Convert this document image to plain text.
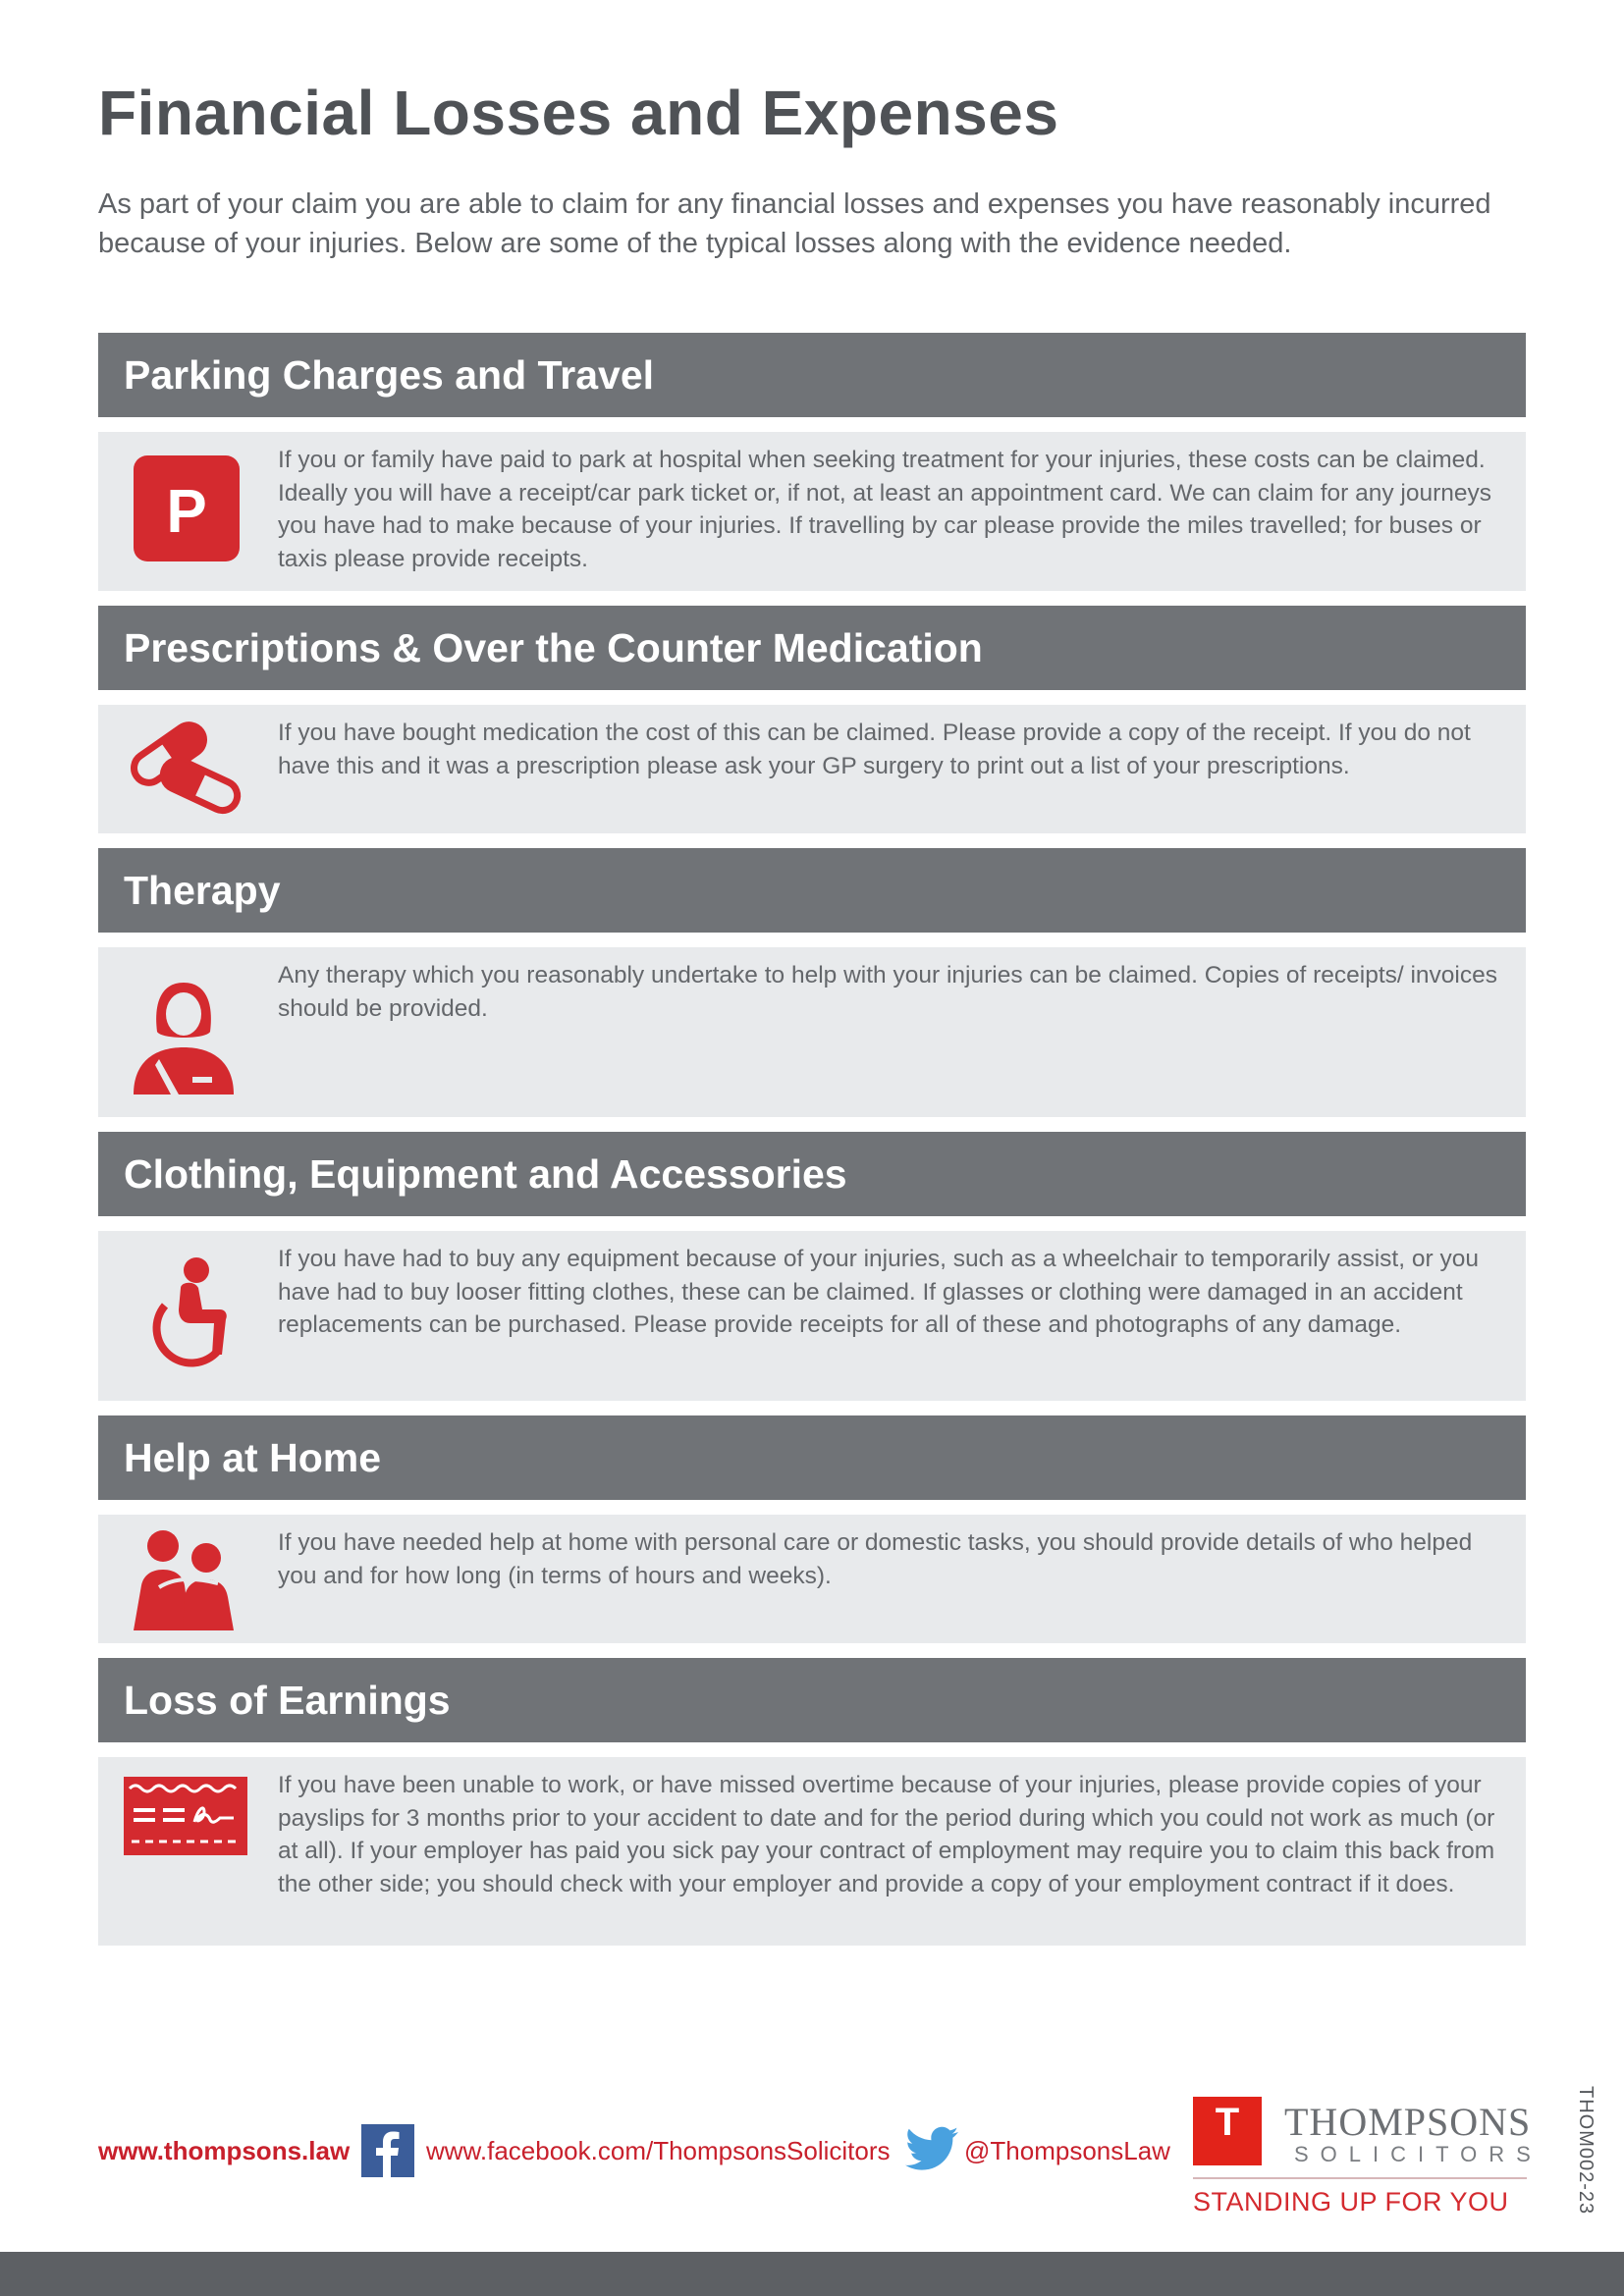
Financial Losses and Expenses

As part of your claim you are able to claim for any financial losses and expenses you have reasonably incurred because of your injuries. Below are some of the typical losses along with the evidence needed.

Parking Charges and Travel
P

If you or family have paid to park at hospital when seeking treatment for your injuries, these costs can be claimed. Ideally you will have a receipt/car park ticket or, if not, at least an appointment card. We can claim for any journeys you have had to make because of your injuries. If travelling by car please provide the miles travelled; for buses or taxis please provide receipts.

Prescriptions & Over the Counter Medication

If you have bought medication the cost of this can be claimed. Please provide a copy of the receipt. If you do not have this and it was a prescription please ask your GP surgery to print out a list of your prescriptions.

Therapy

Any therapy which you reasonably undertake to help with your injuries can be claimed. Copies of receipts/ invoices should be provided.

Clothing, Equipment and Accessories

If you have had to buy any equipment because of your injuries, such as a wheelchair to temporarily assist, or you have had to buy looser fitting clothes, these can be claimed. If glasses or clothing were damaged in an accident replacements can be purchased. Please provide receipts for all of these and photographs of any damage.

Help at Home

If you have needed help at home with personal care or domestic tasks, you should provide details of who helped you and for how long (in terms of hours and weeks).

Loss of Earnings

If you have been unable to work, or have missed overtime because of your injuries, please provide copies of your payslips for 3 months prior to your accident to date and for the period during which you could not work as much (or at all). If your employer has paid you sick pay your contract of employment may require you to claim this back from the other side; you should check with your employer and provide a copy of your employment contract if it does.

www.thompsons.law	www.facebook.com/ThompsonsSolicitors	@ThompsonsLaw
T	THOMPSONS
SOLICITORS
STANDING UP FOR YOU	THOM002-23
